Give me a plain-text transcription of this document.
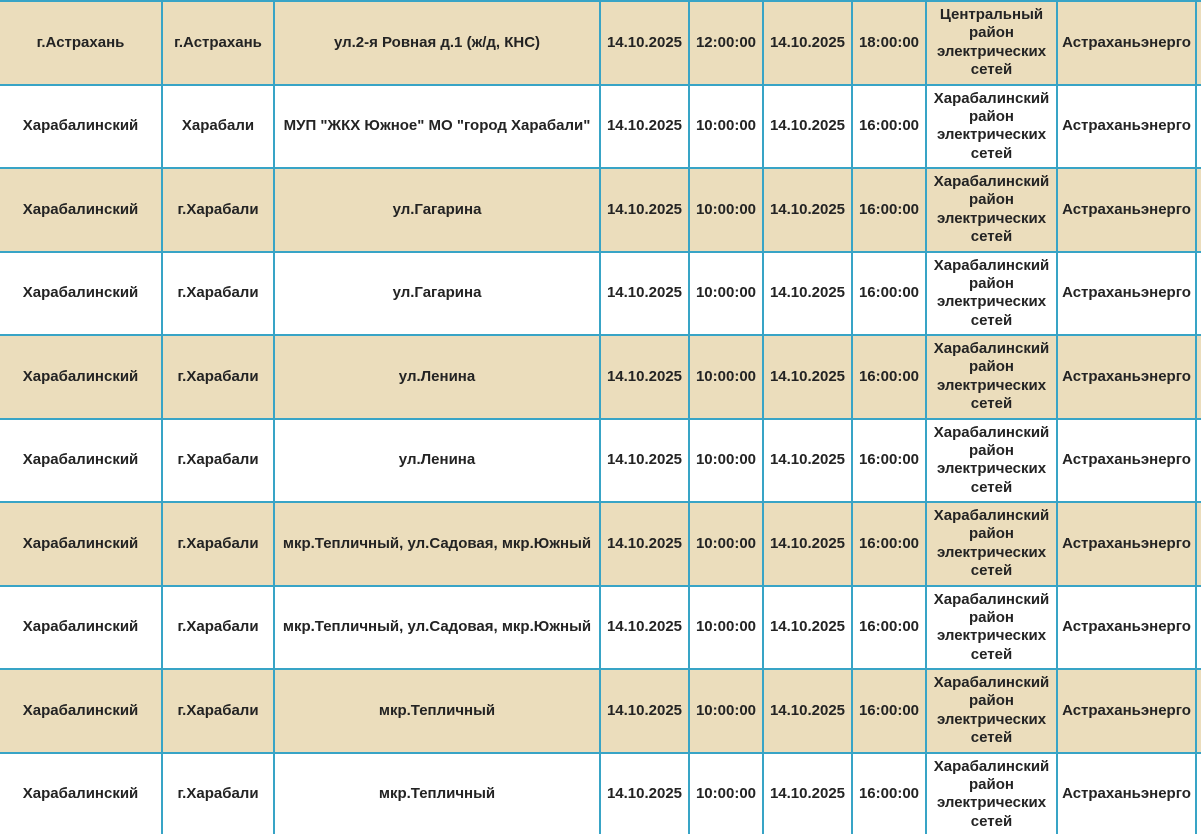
г.Астрахань	г.Астрахань	ул.2-я Ровная д.1 (ж/д, КНС)	14.10.2025	12:00:00	14.10.2025	18:00:00	Центральный район электрических сетей	Астраханьэнерго	
Харабалинский	Харабали	МУП "ЖКХ Южное" МО "город Харабали"	14.10.2025	10:00:00	14.10.2025	16:00:00	Харабалинский район электрических сетей	Астраханьэнерго	
Харабалинский	г.Харабали	ул.Гагарина	14.10.2025	10:00:00	14.10.2025	16:00:00	Харабалинский район электрических сетей	Астраханьэнерго	
Харабалинский	г.Харабали	ул.Гагарина	14.10.2025	10:00:00	14.10.2025	16:00:00	Харабалинский район электрических сетей	Астраханьэнерго	
Харабалинский	г.Харабали	ул.Ленина	14.10.2025	10:00:00	14.10.2025	16:00:00	Харабалинский район электрических сетей	Астраханьэнерго	
Харабалинский	г.Харабали	ул.Ленина	14.10.2025	10:00:00	14.10.2025	16:00:00	Харабалинский район электрических сетей	Астраханьэнерго	
Харабалинский	г.Харабали	мкр.Тепличный, ул.Садовая, мкр.Южный	14.10.2025	10:00:00	14.10.2025	16:00:00	Харабалинский район электрических сетей	Астраханьэнерго	
Харабалинский	г.Харабали	мкр.Тепличный, ул.Садовая, мкр.Южный	14.10.2025	10:00:00	14.10.2025	16:00:00	Харабалинский район электрических сетей	Астраханьэнерго	
Харабалинский	г.Харабали	мкр.Тепличный	14.10.2025	10:00:00	14.10.2025	16:00:00	Харабалинский район электрических сетей	Астраханьэнерго	
Харабалинский	г.Харабали	мкр.Тепличный	14.10.2025	10:00:00	14.10.2025	16:00:00	Харабалинский район электрических сетей	Астраханьэнерго	
